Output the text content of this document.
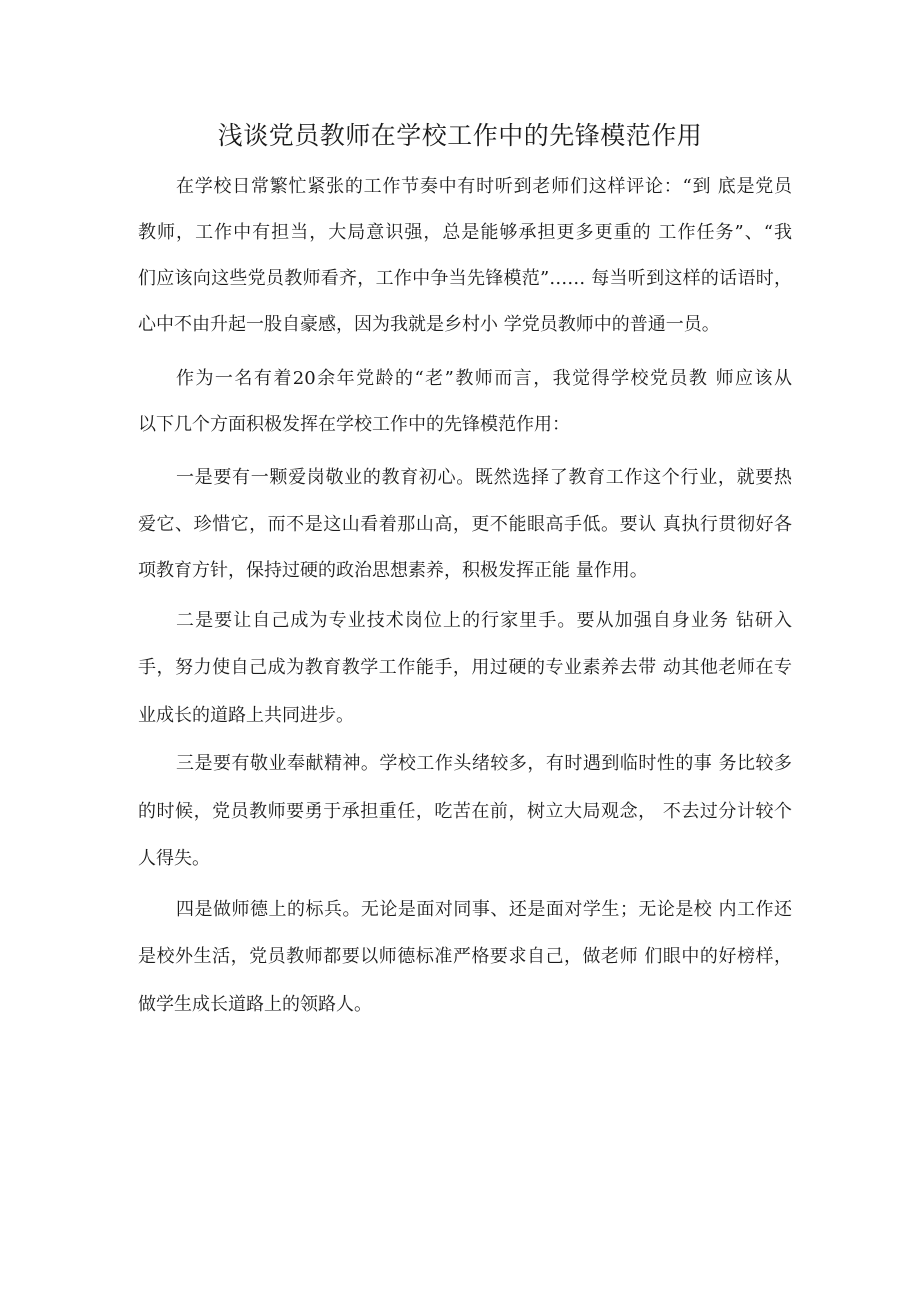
浅谈党员教师在学校工作中的先锋模范作用

在学校日常繁忙紧张的工作节奏中有时听到老师们这样评论：“到 底是党员

教师，工作中有担当，大局意识强，总是能够承担更多更重的 工作任务”、“我

们应该向这些党员教师看齐，工作中争当先锋模范”…… 每当听到这样的话语时，

心中不由升起一股自豪感，因为我就是乡村小 学党员教师中的普通一员。

作为一名有着20余年党龄的“老”教师而言，我觉得学校党员教 师应该从

以下几个方面积极发挥在学校工作中的先锋模范作用：

一是要有一颗爱岗敬业的教育初心。既然选择了教育工作这个行业，就要热

爱它、珍惜它，而不是这山看着那山高，更不能眼高手低。要认 真执行贯彻好各

项教育方针，保持过硬的政治思想素养，积极发挥正能 量作用。

二是要让自己成为专业技术岗位上的行家里手。要从加强自身业务 钻研入

手，努力使自己成为教育教学工作能手，用过硬的专业素养去带 动其他老师在专

业成长的道路上共同进步。

三是要有敬业奉献精神。学校工作头绪较多，有时遇到临时性的事 务比较多

的时候，党员教师要勇于承担重任，吃苦在前，树立大局观念， 不去过分计较个

人得失。

四是做师德上的标兵。无论是面对同事、还是面对学生；无论是校 内工作还

是校外生活，党员教师都要以师德标准严格要求自己，做老师 们眼中的好榜样，

做学生成长道路上的领路人。
